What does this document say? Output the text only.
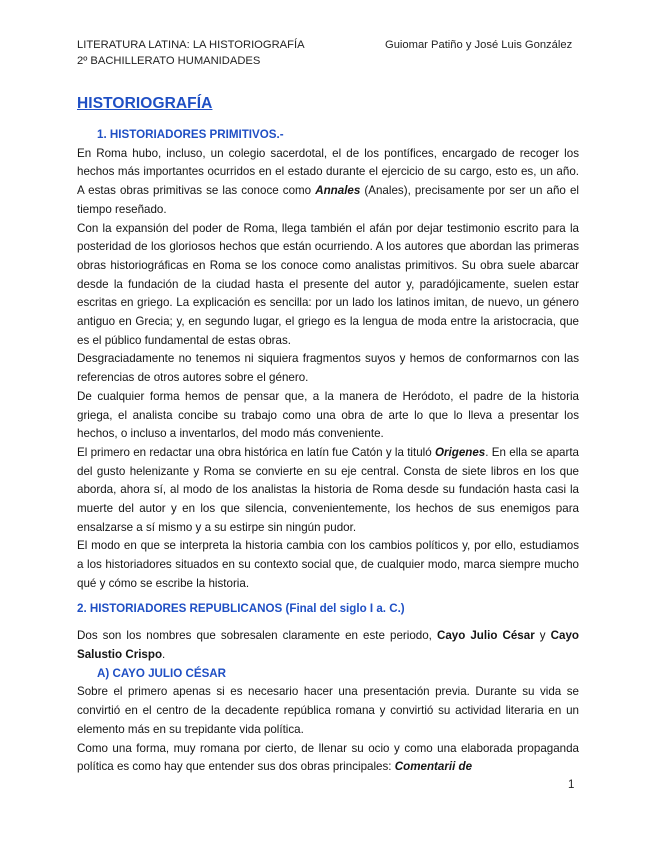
LITERATURA LATINA: LA HISTORIOGRAFÍA
2º BACHILLERATO HUMANIDADES
Guiomar Patiño y José Luis González
HISTORIOGRAFÍA

1. HISTORIADORES PRIMITIVOS.-

En Roma hubo, incluso, un colegio sacerdotal, el de los pontífices, encargado de recoger los hechos más importantes ocurridos en el estado durante el ejercicio de su cargo, esto es, un año. A estas obras primitivas se las conoce como Annales (Anales), precisamente por ser un año el tiempo reseñado.

Con la expansión del poder de Roma, llega también el afán por dejar testimonio escrito para la posteridad de los gloriosos hechos que están ocurriendo. A los autores que abordan las primeras obras historiográficas en Roma se los conoce como analistas primitivos. Su obra suele abarcar desde la fundación de la ciudad hasta el presente del autor y, paradójicamente, suelen estar escritas en griego. La explicación es sencilla: por un lado los latinos imitan, de nuevo, un género antiguo en Grecia; y, en segundo lugar, el griego es la lengua de moda entre la aristocracia, que es el público fundamental de estas obras.

Desgraciadamente no tenemos ni siquiera fragmentos suyos y hemos de conformarnos con las referencias de otros autores sobre el género.

De cualquier forma hemos de pensar que, a la manera de Heródoto, el padre de la historia griega, el analista concibe su trabajo como una obra de arte lo que lo lleva a presentar los hechos, o incluso a inventarlos, del modo más conveniente.

El primero en redactar una obra histórica en latín fue Catón y la tituló Origenes. En ella se aparta del gusto helenizante y Roma se convierte en su eje central. Consta de siete libros en los que aborda, ahora sí, al modo de los analistas la historia de Roma desde su fundación hasta casi la muerte del autor y en los que silencia, convenientemente, los hechos de sus enemigos para ensalzarse a sí mismo y a su estirpe sin ningún pudor.

El modo en que se interpreta la historia cambia con los cambios políticos y, por ello, estudiamos a los historiadores situados en su contexto social que, de cualquier modo, marca siempre mucho qué y cómo se escribe la historia.

2. HISTORIADORES REPUBLICANOS (Final del siglo I a. C.)

Dos son los nombres que sobresalen claramente en este periodo, Cayo Julio César y Cayo Salustio Crispo.

A) CAYO JULIO CÉSAR

Sobre el primero apenas si es necesario hacer una presentación previa. Durante su vida se convirtió en el centro de la decadente república romana y convirtió su actividad literaria en un elemento más en su trepidante vida política.

Como una forma, muy romana por cierto, de llenar su ocio y como una elaborada propaganda política es como hay que entender sus dos obras principales: Comentarii de

1
